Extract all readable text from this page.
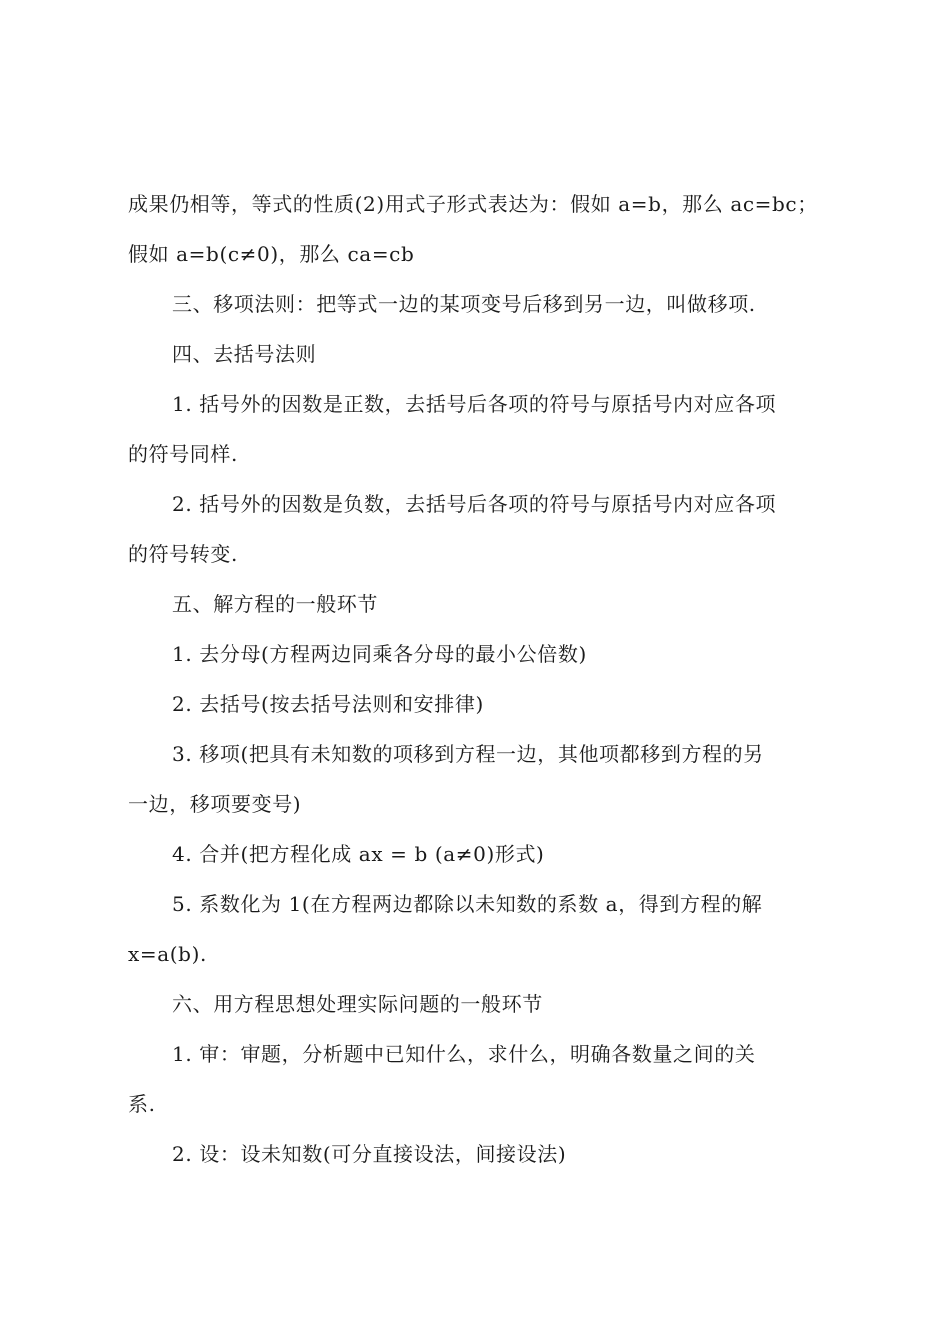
成果仍相等，等式的性质(2)用式子形式表达为：假如 a=b，那么 ac=bc；
假如 a=b(c≠0)，那么 ca=cb
三、移项法则：把等式一边的某项变号后移到另一边，叫做移项.
四、去括号法则
1. 括号外的因数是正数，去括号后各项的符号与原括号内对应各项
的符号同样.
2. 括号外的因数是负数，去括号后各项的符号与原括号内对应各项
的符号转变.
五、解方程的一般环节
1. 去分母(方程两边同乘各分母的最小公倍数)
2. 去括号(按去括号法则和安排律)
3. 移项(把具有未知数的项移到方程一边，其他项都移到方程的另
一边，移项要变号)
4. 合并(把方程化成 ax = b (a≠0)形式)
5. 系数化为 1(在方程两边都除以未知数的系数 a，得到方程的解
x=a(b).
六、用方程思想处理实际问题的一般环节
1. 审：审题，分析题中已知什么，求什么，明确各数量之间的关
系.
2. 设：设未知数(可分直接设法，间接设法)
